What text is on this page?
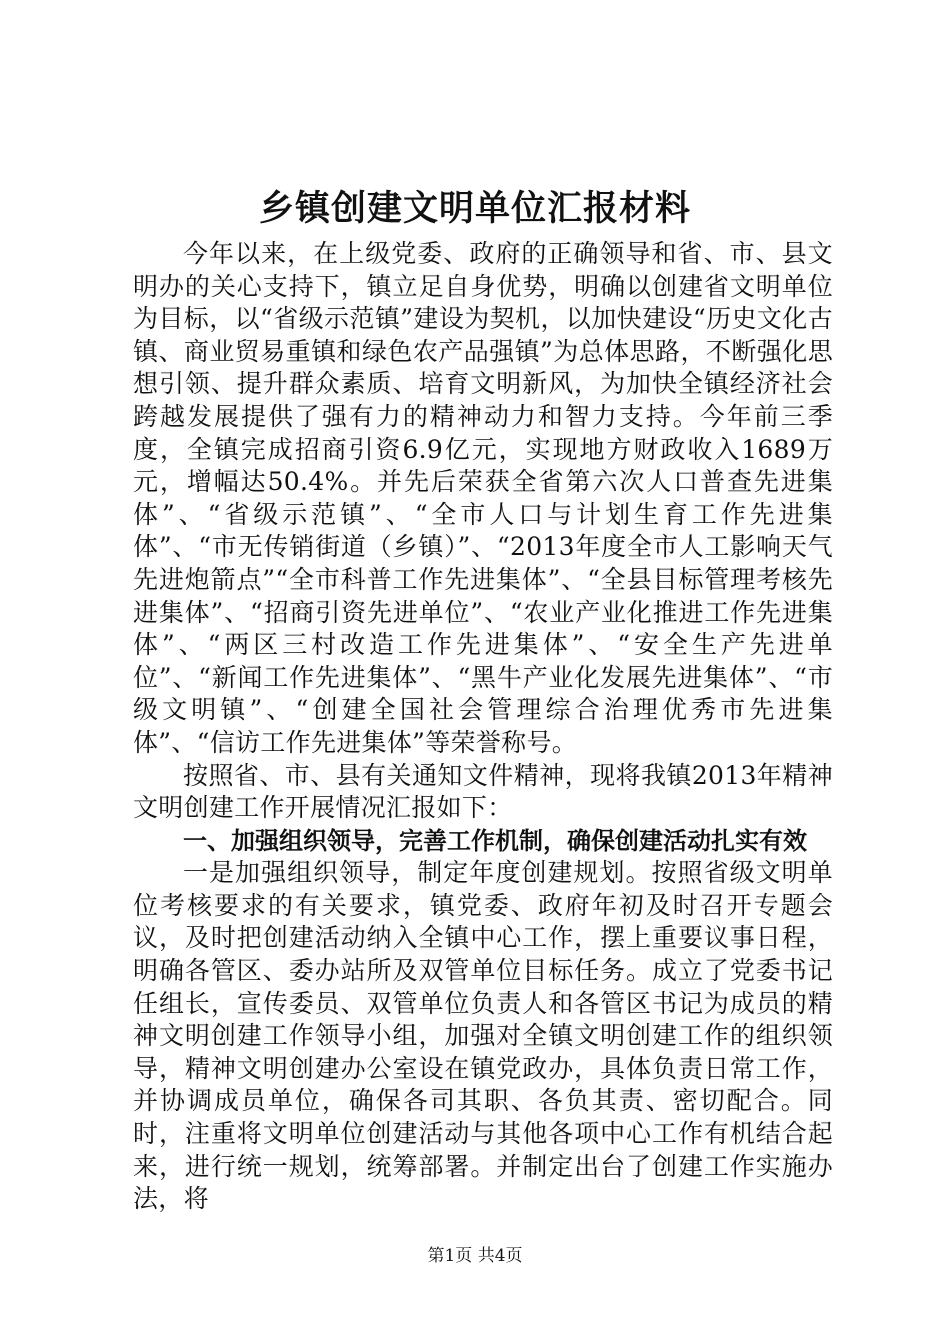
乡镇创建文明单位汇报材料

今年以来，在上级党委、政府的正确领导和省、市、县文明办的关心支持下，镇立足自身优势，明确以创建省文明单位为目标，以“省级示范镇”建设为契机，以加快建设“历史文化古镇、商业贸易重镇和绿色农产品强镇”为总体思路，不断强化思想引领、提升群众素质、培育文明新风，为加快全镇经济社会跨越发展提供了强有力的精神动力和智力支持。今年前三季度，全镇完成招商引资6.9亿元，实现地方财政收入1689万元，增幅达50.4%。并先后荣获全省第六次人口普查先进集体”、“省级示范镇”、“全市人口与计划生育工作先进集体”、“市无传销街道（乡镇）”、“2013年度全市人工影响天气先进炮箭点”“全市科普工作先进集体”、“全县目标管理考核先进集体”、“招商引资先进单位”、“农业产业化推进工作先进集体”、“两区三村改造工作先进集体”、“安全生产先进单位”、“新闻工作先进集体”、“黑牛产业化发展先进集体”、“市级文明镇”、“创建全国社会管理综合治理优秀市先进集体”、“信访工作先进集体”等荣誉称号。

按照省、市、县有关通知文件精神，现将我镇2013年精神文明创建工作开展情况汇报如下：

一、加强组织领导，完善工作机制，确保创建活动扎实有效

一是加强组织领导，制定年度创建规划。按照省级文明单位考核要求的有关要求，镇党委、政府年初及时召开专题会议，及时把创建活动纳入全镇中心工作，摆上重要议事日程，明确各管区、委办站所及双管单位目标任务。成立了党委书记任组长，宣传委员、双管单位负责人和各管区书记为成员的精神文明创建工作领导小组，加强对全镇文明创建工作的组织领导，精神文明创建办公室设在镇党政办，具体负责日常工作，并协调成员单位，确保各司其职、各负其责、密切配合。同时，注重将文明单位创建活动与其他各项中心工作有机结合起来，进行统一规划，统筹部署。并制定出台了创建工作实施办法，将

第1页 共4页
